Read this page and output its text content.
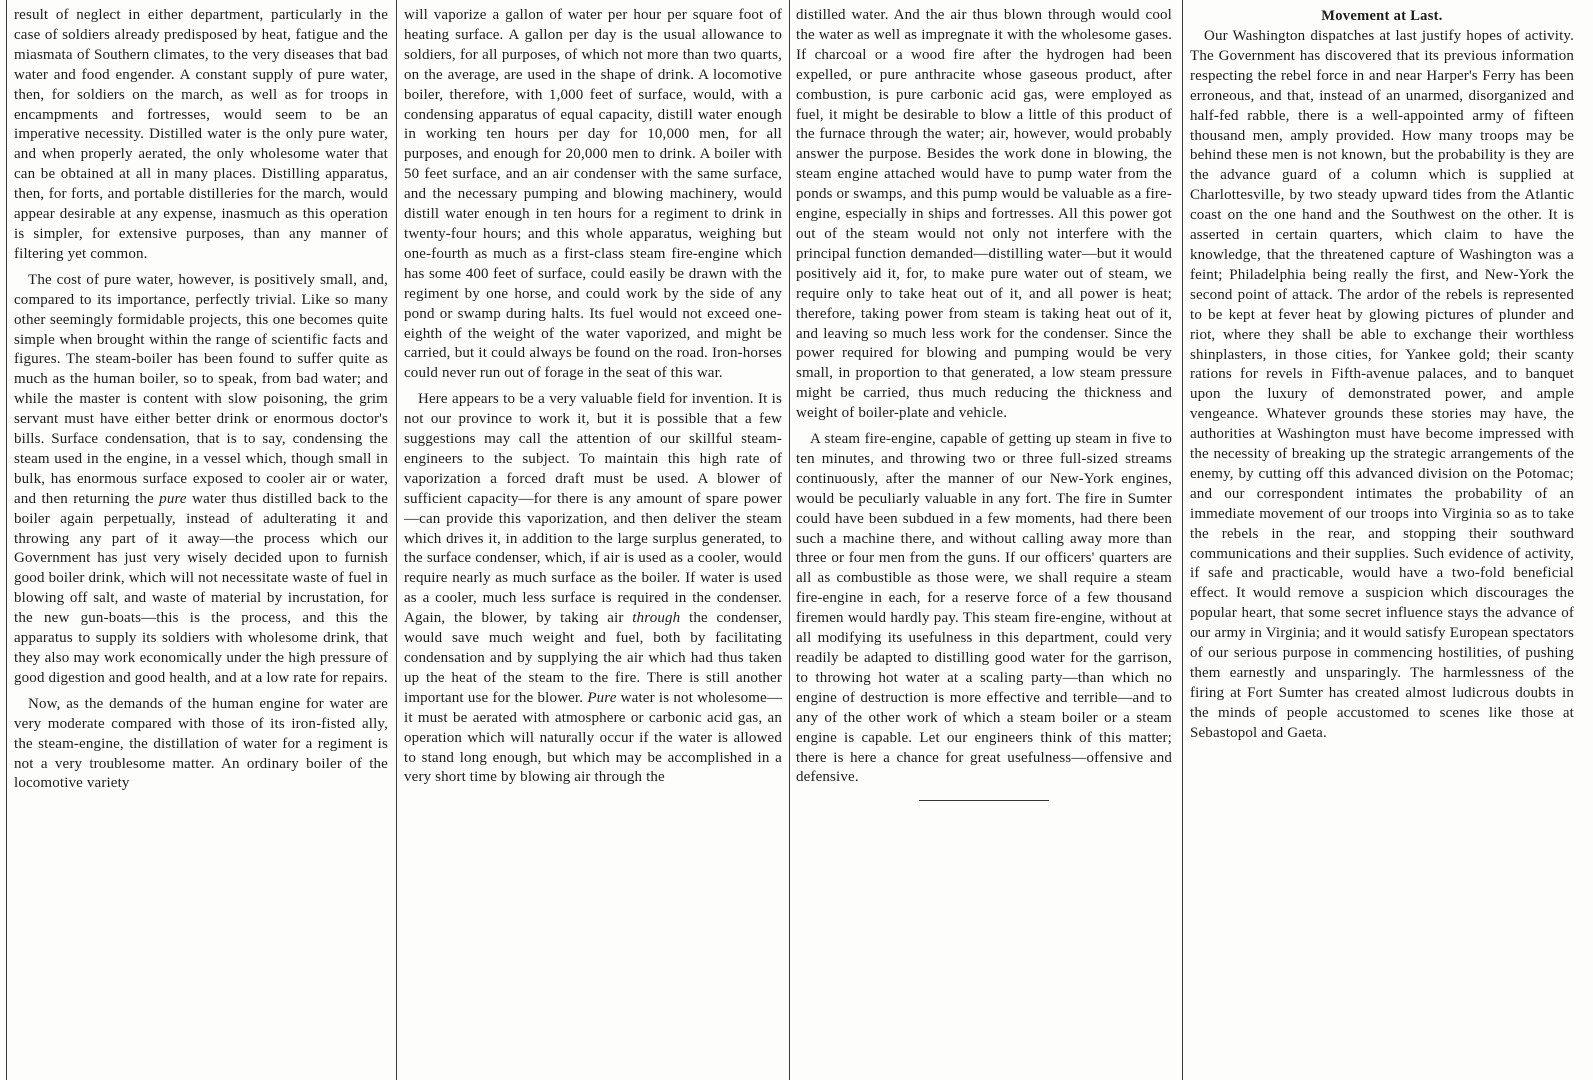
result of neglect in either department, particularly in the case of soldiers already predisposed by heat, fatigue and the miasmata of Southern climates, to the very diseases that bad water and food engender. A constant supply of pure water, then, for soldiers on the march, as well as for troops in encampments and fortresses, would seem to be an imperative necessity. Distilled water is the only pure water, and when properly aerated, the only wholesome water that can be obtained at all in many places. Distilling apparatus, then, for forts, and portable distilleries for the march, would appear desirable at any expense, inasmuch as this operation is simpler, for extensive purposes, than any manner of filtering yet common.

The cost of pure water, however, is positively small, and, compared to its importance, perfectly trivial. Like so many other seemingly formidable projects, this one becomes quite simple when brought within the range of scientific facts and figures. The steam-boiler has been found to suffer quite as much as the human boiler, so to speak, from bad water; and while the master is content with slow poisoning, the grim servant must have either better drink or enormous doctor's bills. Surface condensation, that is to say, condensing the steam used in the engine, in a vessel which, though small in bulk, has enormous surface exposed to cooler air or water, and then returning the pure water thus distilled back to the boiler again perpetually, instead of adulterating it and throwing any part of it away—the process which our Government has just very wisely decided upon to furnish good boiler drink, which will not necessitate waste of fuel in blowing off salt, and waste of material by incrustation, for the new gun-boats—this is the process, and this the apparatus to supply its soldiers with wholesome drink, that they also may work economically under the high pressure of good digestion and good health, and at a low rate for repairs.

Now, as the demands of the human engine for water are very moderate compared with those of its iron-fisted ally, the steam-engine, the distillation of water for a regiment is not a very troublesome matter. An ordinary boiler of the locomotive variety

will vaporize a gallon of water per hour per square foot of heating surface. A gallon per day is the usual allowance to soldiers, for all purposes, of which not more than two quarts, on the average, are used in the shape of drink. A locomotive boiler, therefore, with 1,000 feet of surface, would, with a condensing apparatus of equal capacity, distill water enough in working ten hours per day for 10,000 men, for all purposes, and enough for 20,000 men to drink. A boiler with 50 feet surface, and an air condenser with the same surface, and the necessary pumping and blowing machinery, would distill water enough in ten hours for a regiment to drink in twenty-four hours; and this whole apparatus, weighing but one-fourth as much as a first-class steam fire-engine which has some 400 feet of surface, could easily be drawn with the regiment by one horse, and could work by the side of any pond or swamp during halts. Its fuel would not exceed one-eighth of the weight of the water vaporized, and might be carried, but it could always be found on the road. Iron-horses could never run out of forage in the seat of this war.

Here appears to be a very valuable field for invention. It is not our province to work it, but it is possible that a few suggestions may call the attention of our skillful steam-engineers to the subject. To maintain this high rate of vaporization a forced draft must be used. A blower of sufficient capacity—for there is any amount of spare power—can provide this vaporization, and then deliver the steam which drives it, in addition to the large surplus generated, to the surface condenser, which, if air is used as a cooler, would require nearly as much surface as the boiler. If water is used as a cooler, much less surface is required in the condenser. Again, the blower, by taking air through the condenser, would save much weight and fuel, both by facilitating condensation and by supplying the air which had thus taken up the heat of the steam to the fire. There is still another important use for the blower. Pure water is not wholesome—it must be aerated with atmosphere or carbonic acid gas, an operation which will naturally occur if the water is allowed to stand long enough, but which may be accomplished in a very short time by blowing air through the

distilled water. And the air thus blown through would cool the water as well as impregnate it with the wholesome gases. If charcoal or a wood fire after the hydrogen had been expelled, or pure anthracite whose gaseous product, after combustion, is pure carbonic acid gas, were employed as fuel, it might be desirable to blow a little of this product of the furnace through the water; air, however, would probably answer the purpose. Besides the work done in blowing, the steam engine attached would have to pump water from the ponds or swamps, and this pump would be valuable as a fire-engine, especially in ships and fortresses. All this power got out of the steam would not only not interfere with the principal function demanded—distilling water—but it would positively aid it, for, to make pure water out of steam, we require only to take heat out of it, and all power is heat; therefore, taking power from steam is taking heat out of it, and leaving so much less work for the condenser. Since the power required for blowing and pumping would be very small, in proportion to that generated, a low steam pressure might be carried, thus much reducing the thickness and weight of boiler-plate and vehicle.

A steam fire-engine, capable of getting up steam in five to ten minutes, and throwing two or three full-sized streams continuously, after the manner of our New-York engines, would be peculiarly valuable in any fort. The fire in Sumter could have been subdued in a few moments, had there been such a machine there, and without calling away more than three or four men from the guns. If our officers' quarters are all as combustible as those were, we shall require a steam fire-engine in each, for a reserve force of a few thousand firemen would hardly pay. This steam fire-engine, without at all modifying its usefulness in this department, could very readily be adapted to distilling good water for the garrison, to throwing hot water at a scaling party—than which no engine of destruction is more effective and terrible—and to any of the other work of which a steam boiler or a steam engine is capable. Let our engineers think of this matter; there is here a chance for great usefulness—offensive and defensive.

Movement at Last.

Our Washington dispatches at last justify hopes of activity. The Government has discovered that its previous information respecting the rebel force in and near Harper's Ferry has been erroneous, and that, instead of an unarmed, disorganized and half-fed rabble, there is a well-appointed army of fifteen thousand men, amply provided. How many troops may be behind these men is not known, but the probability is they are the advance guard of a column which is supplied at Charlottesville, by two steady upward tides from the Atlantic coast on the one hand and the Southwest on the other. It is asserted in certain quarters, which claim to have the knowledge, that the threatened capture of Washington was a feint; Philadelphia being really the first, and New-York the second point of attack. The ardor of the rebels is represented to be kept at fever heat by glowing pictures of plunder and riot, where they shall be able to exchange their worthless shinplasters, in those cities, for Yankee gold; their scanty rations for revels in Fifth-avenue palaces, and to banquet upon the luxury of demonstrated power, and ample vengeance. Whatever grounds these stories may have, the authorities at Washington must have become impressed with the necessity of breaking up the strategic arrangements of the enemy, by cutting off this advanced division on the Potomac; and our correspondent intimates the probability of an immediate movement of our troops into Virginia so as to take the rebels in the rear, and stopping their southward communications and their supplies. Such evidence of activity, if safe and practicable, would have a two-fold beneficial effect. It would remove a suspicion which discourages the popular heart, that some secret influence stays the advance of our army in Virginia; and it would satisfy European spectators of our serious purpose in commencing hostilities, of pushing them earnestly and unsparingly. The harmlessness of the firing at Fort Sumter has created almost ludicrous doubts in the minds of people accustomed to scenes like those at Sebastopol and Gaeta.
